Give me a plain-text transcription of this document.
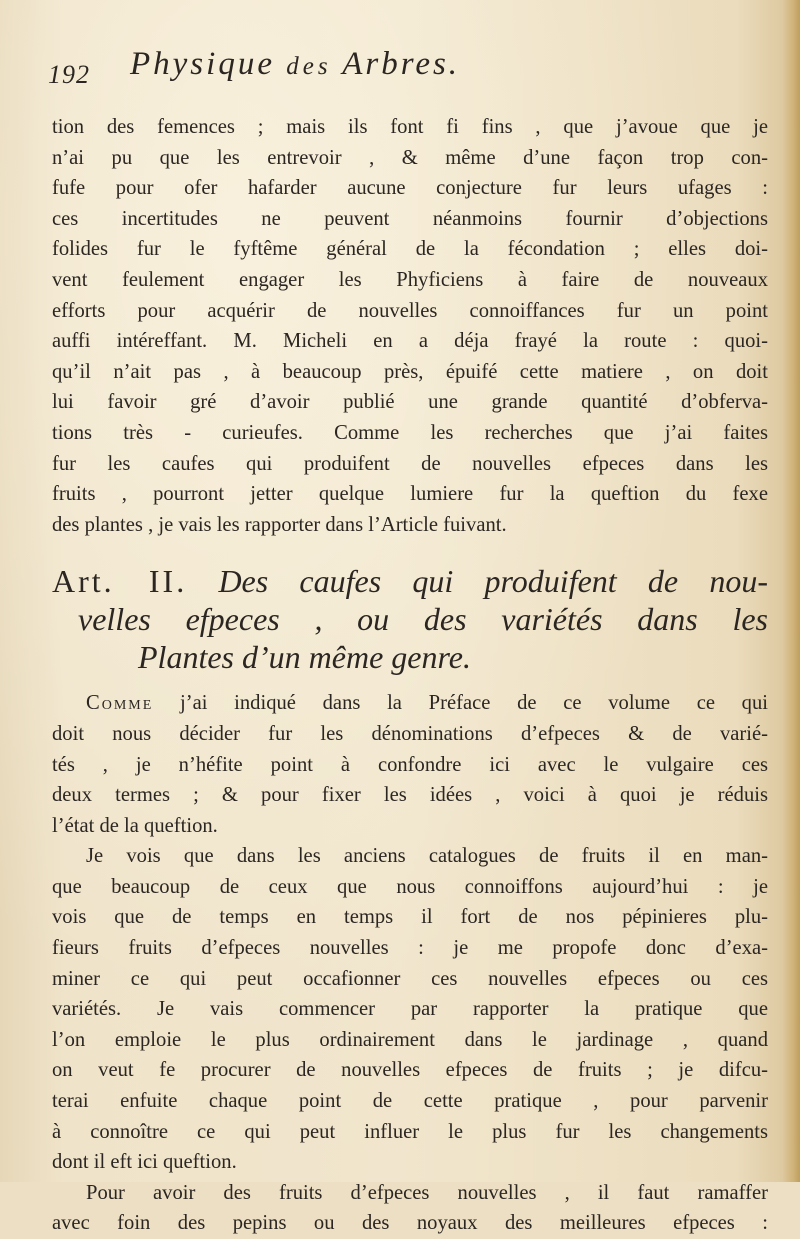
192 Physique des Arbres.

tion des femences ; mais ils font fi fins , que j’avoue que je

n’ai pu que les entrevoir , & même d’une façon trop con-

fufe pour ofer hafarder aucune conjecture fur leurs ufages :

ces incertitudes ne peuvent néanmoins fournir d’objections

folides fur le fyftême général de la fécondation ; elles doi-

vent feulement engager les Phyficiens à faire de nouveaux

efforts pour acquérir de nouvelles connoiffances fur un point

auffi intéreffant. M. Micheli en a déja frayé la route : quoi-

qu’il n’ait pas , à beaucoup près, épuifé cette matiere , on doit

lui favoir gré d’avoir publié une grande quantité d’obferva-

tions très - curieufes. Comme les recherches que j’ai faites

fur les caufes qui produifent de nouvelles efpeces dans les

fruits , pourront jetter quelque lumiere fur la queftion du fexe

des plantes , je vais les rapporter dans l’Article fuivant.

Art. II. Des caufes qui produifent de nou-
velles efpeces , ou des variétés dans les
Plantes d’un même genre.

Comme j’ai indiqué dans la Préface de ce volume ce qui

doit nous décider fur les dénominations d’efpeces & de varié-

tés , je n’héfite point à confondre ici avec le vulgaire ces

deux termes ; & pour fixer les idées , voici à quoi je réduis

l’état de la queftion.

Je vois que dans les anciens catalogues de fruits il en man-

que beaucoup de ceux que nous connoiffons aujourd’hui : je

vois que de temps en temps il fort de nos pépinieres plu-

fieurs fruits d’efpeces nouvelles : je me propofe donc d’exa-

miner ce qui peut occafionner ces nouvelles efpeces ou ces

variétés. Je vais commencer par rapporter la pratique que

l’on emploie le plus ordinairement dans le jardinage , quand

on veut fe procurer de nouvelles efpeces de fruits ; je difcu-

terai enfuite chaque point de cette pratique , pour parvenir

à connoître ce qui peut influer le plus fur les changements

dont il eft ici queftion.

Pour avoir des fruits d’efpeces nouvelles , il faut ramaffer

avec foin des pepins ou des noyaux des meilleures efpeces :
